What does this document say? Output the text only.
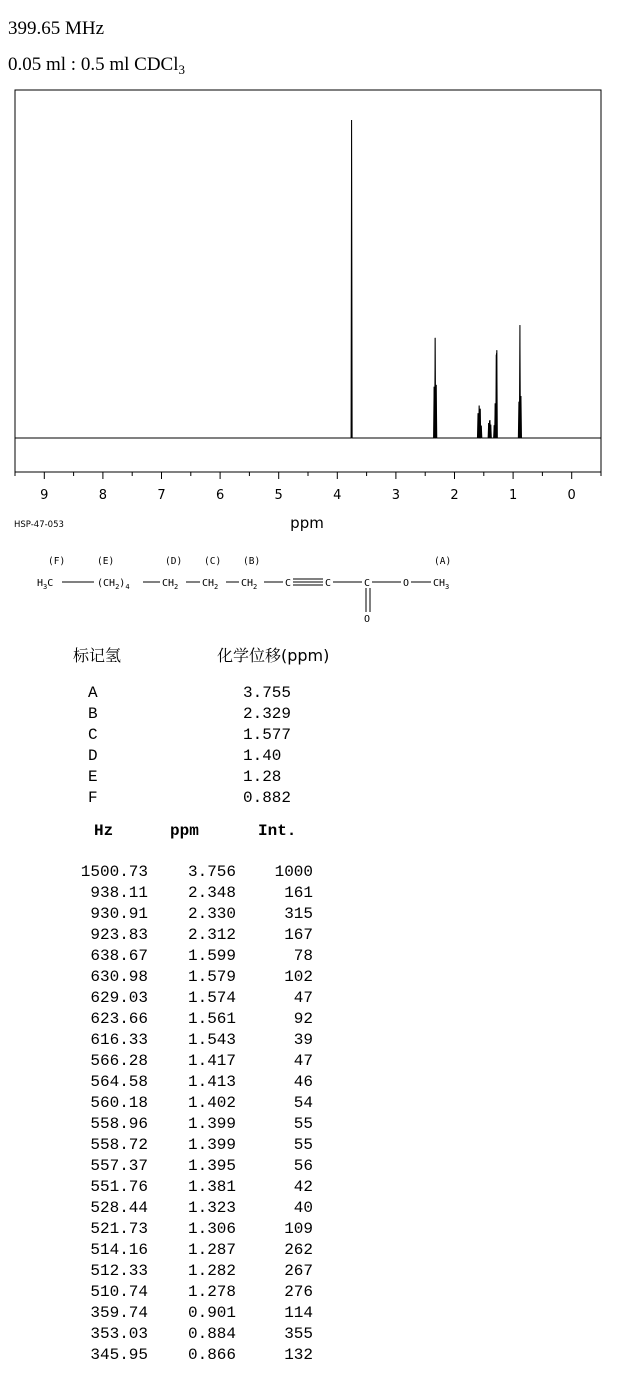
399.65 MHz
0.05 ml : 0.5 ml CDCl$_3$
9	8	7	6	5	4	3	2	1	0
ppm
HSP-47-053
(F)	(E)	(D) (C) (B)	(A)
$H_3C$	$(CH_2)_4$	$CH_2$ $CH_2$ $CH_2$	C	C	C	O $CH_3$
O
标记氢	化学位移(ppm)
A	3.755
B	2.329
C	1.577
D	1.40
E	1.28
F	0.882
Hz	ppm	Int.
1500.73	3.756	1000
938.11	2.348	161
930.91	2.330	315
923.83	2.312	167
638.67	1.599	78
630.98	1.579	102
629.03	1.574	47
623.66	1.561	92
616.33	1.543	39
566.28	1.417	47
564.58	1.413	46
560.18	1.402	54
558.96	1.399	55
558.72	1.399	55
557.37	1.395	56
551.76	1.381	42
528.44	1.323	40
521.73	1.306	109
514.16	1.287	262
512.33	1.282	267
510.74	1.278	276
359.74	0.901	114
353.03	0.884	355
345.95	0.866	132
